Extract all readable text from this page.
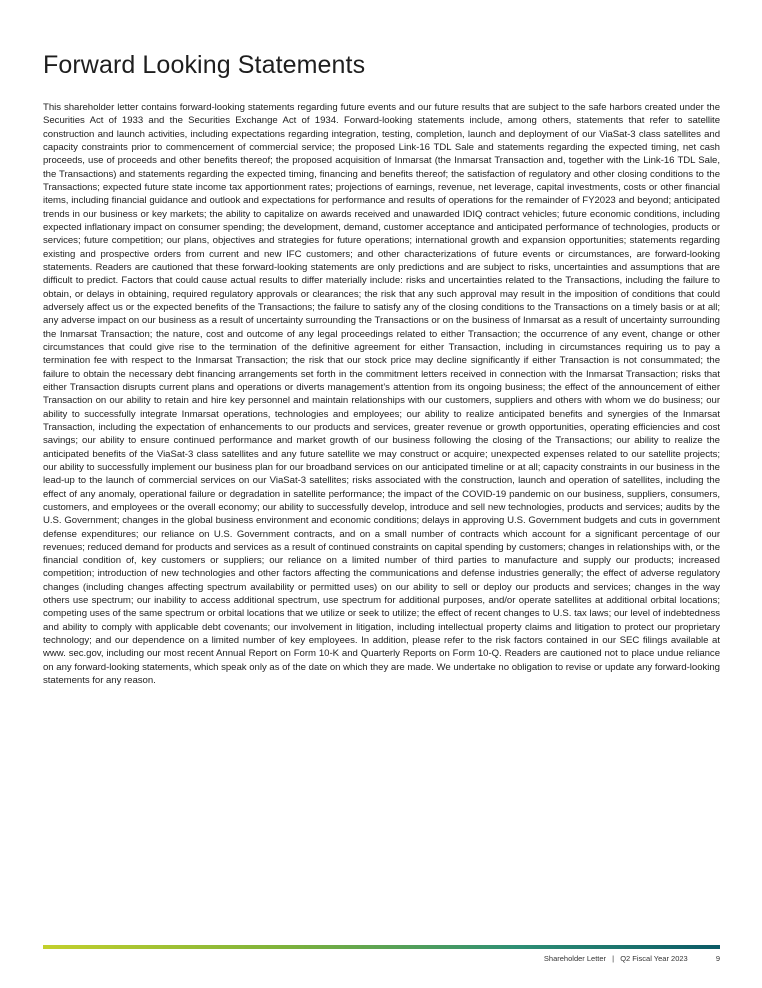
Forward Looking Statements

This shareholder letter contains forward-looking statements regarding future events and our future results that are subject to the safe harbors created under the Securities Act of 1933 and the Securities Exchange Act of 1934. Forward-looking statements include, among others, statements that refer to satellite construction and launch activities, including expectations regarding integration, testing, completion, launch and deployment of our ViaSat-3 class satellites and capacity constraints prior to commencement of commercial service; the proposed Link-16 TDL Sale and statements regarding the expected timing, net cash proceeds, use of proceeds and other benefits thereof; the proposed acquisition of Inmarsat (the Inmarsat Transaction and, together with the Link-16 TDL Sale, the Transactions) and statements regarding the expected timing, financing and benefits thereof; the satisfaction of regulatory and other closing conditions to the Transactions; expected future state income tax apportionment rates; projections of earnings, revenue, net leverage, capital investments, costs or other financial items, including financial guidance and outlook and expectations for performance and results of operations for the remainder of FY2023 and beyond; anticipated trends in our business or key markets; the ability to capitalize on awards received and unawarded IDIQ contract vehicles; future economic conditions, including expected inflationary impact on consumer spending; the development, demand, customer acceptance and anticipated performance of technologies, products or services; future competition; our plans, objectives and strategies for future operations; international growth and expansion opportunities; statements regarding existing and prospective orders from current and new IFC customers; and other characterizations of future events or circumstances, are forward-looking statements. Readers are cautioned that these forward-looking statements are only predictions and are subject to risks, uncertainties and assumptions that are difficult to predict. Factors that could cause actual results to differ materially include: risks and uncertainties related to the Transactions, including the failure to obtain, or delays in obtaining, required regulatory approvals or clearances; the risk that any such approval may result in the imposition of conditions that could adversely affect us or the expected benefits of the Transactions; the failure to satisfy any of the closing conditions to the Transactions on a timely basis or at all; any adverse impact on our business as a result of uncertainty surrounding the Transactions or on the business of Inmarsat as a result of uncertainty surrounding the Inmarsat Transaction; the nature, cost and outcome of any legal proceedings related to either Transaction; the occurrence of any event, change or other circumstances that could give rise to the termination of the definitive agreement for either Transaction, including in circumstances requiring us to pay a termination fee with respect to the Inmarsat Transaction; the risk that our stock price may decline significantly if either Transaction is not consummated; the failure to obtain the necessary debt financing arrangements set forth in the commitment letters received in connection with the Inmarsat Transaction; risks that either Transaction disrupts current plans and operations or diverts management’s attention from its ongoing business; the effect of the announcement of either Transaction on our ability to retain and hire key personnel and maintain relationships with our customers, suppliers and others with whom we do business; our ability to successfully integrate Inmarsat operations, technologies and employees; our ability to realize anticipated benefits and synergies of the Inmarsat Transaction, including the expectation of enhancements to our products and services, greater revenue or growth opportunities, operating efficiencies and cost savings; our ability to ensure continued performance and market growth of our business following the closing of the Transactions; our ability to realize the anticipated benefits of the ViaSat-3 class satellites and any future satellite we may construct or acquire; unexpected expenses related to our satellite projects; our ability to successfully implement our business plan for our broadband services on our anticipated timeline or at all; capacity constraints in our business in the lead-up to the launch of commercial services on our ViaSat-3 satellites; risks associated with the construction, launch and operation of satellites, including the effect of any anomaly, operational failure or degradation in satellite performance; the impact of the COVID-19 pandemic on our business, suppliers, consumers, customers, and employees or the overall economy; our ability to successfully develop, introduce and sell new technologies, products and services; audits by the U.S. Government; changes in the global business environment and economic conditions; delays in approving U.S. Government budgets and cuts in government defense expenditures; our reliance on U.S. Government contracts, and on a small number of contracts which account for a significant percentage of our revenues; reduced demand for products and services as a result of continued constraints on capital spending by customers; changes in relationships with, or the financial condition of, key customers or suppliers; our reliance on a limited number of third parties to manufacture and supply our products; increased competition; introduction of new technologies and other factors affecting the communications and defense industries generally; the effect of adverse regulatory changes (including changes affecting spectrum availability or permitted uses) on our ability to sell or deploy our products and services; changes in the way others use spectrum; our inability to access additional spectrum, use spectrum for additional purposes, and/or operate satellites at additional orbital locations; competing uses of the same spectrum or orbital locations that we utilize or seek to utilize; the effect of recent changes to U.S. tax laws; our level of indebtedness and ability to comply with applicable debt covenants; our involvement in litigation, including intellectual property claims and litigation to protect our proprietary technology; and our dependence on a limited number of key employees. In addition, please refer to the risk factors contained in our SEC filings available at www. sec.gov, including our most recent Annual Report on Form 10-K and Quarterly Reports on Form 10-Q. Readers are cautioned not to place undue reliance on any forward-looking statements, which speak only as of the date on which they are made. We undertake no obligation to revise or update any forward-looking statements for any reason.

Shareholder Letter | Q2 Fiscal Year 2023	9
